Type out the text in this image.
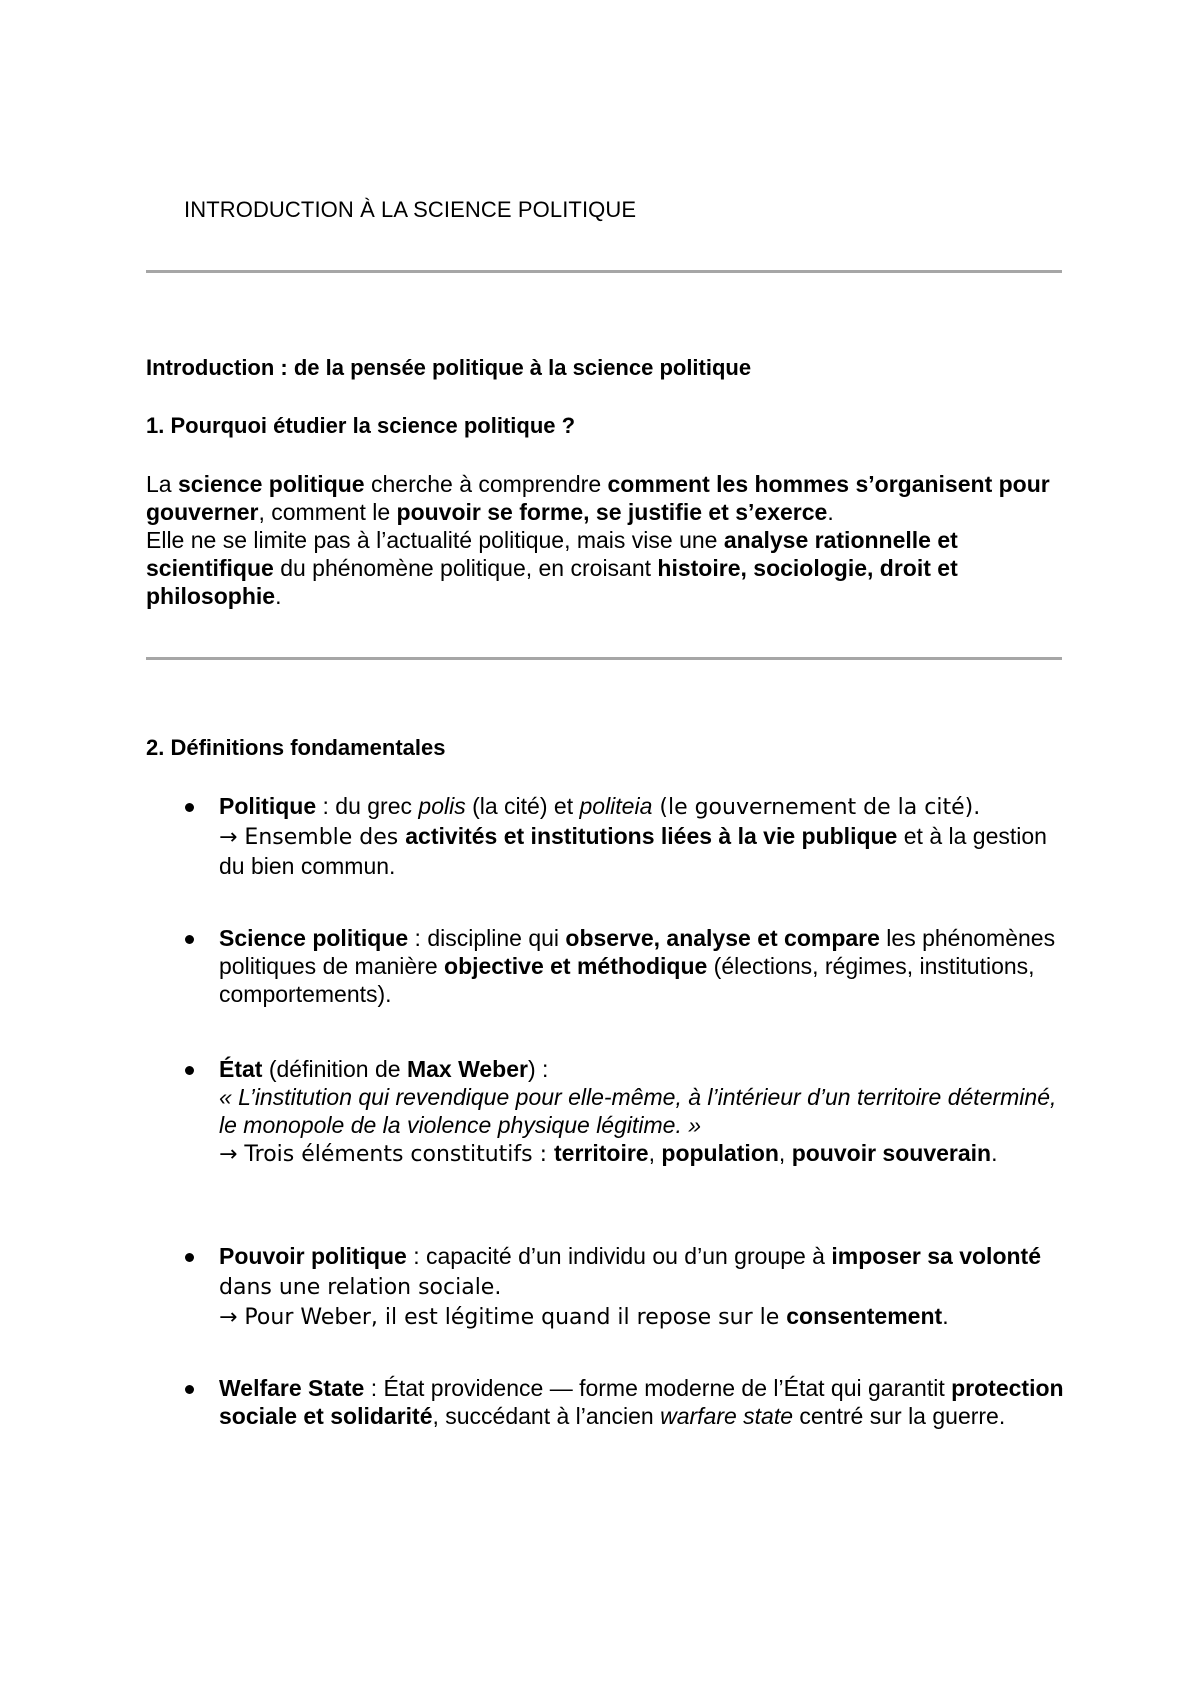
INTRODUCTION À LA SCIENCE POLITIQUE
Introduction : de la pensée politique à la science politique
1. Pourquoi étudier la science politique ?

La science politique cherche à comprendre comment les hommes s’organisent pour gouverner, comment le pouvoir se forme, se justifie et s’exerce.

Elle ne se limite pas à l’actualité politique, mais vise une analyse rationnelle et scientifique du phénomène politique, en croisant histoire, sociologie, droit et philosophie.

2. Définitions fondamentales
Politique : du grec polis (la cité) et politeia (le gouvernement de la cité).
→ Ensemble des activités et institutions liées à la vie publique et à la gestion du bien commun.
Science politique : discipline qui observe, analyse et compare les phénomènes politiques de manière objective et méthodique (élections, régimes, institutions, comportements).
État (définition de Max Weber) :
« L’institution qui revendique pour elle-même, à l’intérieur d’un territoire déterminé, le monopole de la violence physique légitime. »
→ Trois éléments constitutifs : territoire, population, pouvoir souverain.
Pouvoir politique : capacité d’un individu ou d’un groupe à imposer sa volonté dans une relation sociale.
→ Pour Weber, il est légitime quand il repose sur le consentement.
Welfare State : État providence — forme moderne de l’État qui garantit protection sociale et solidarité, succédant à l’ancien warfare state centré sur la guerre.
